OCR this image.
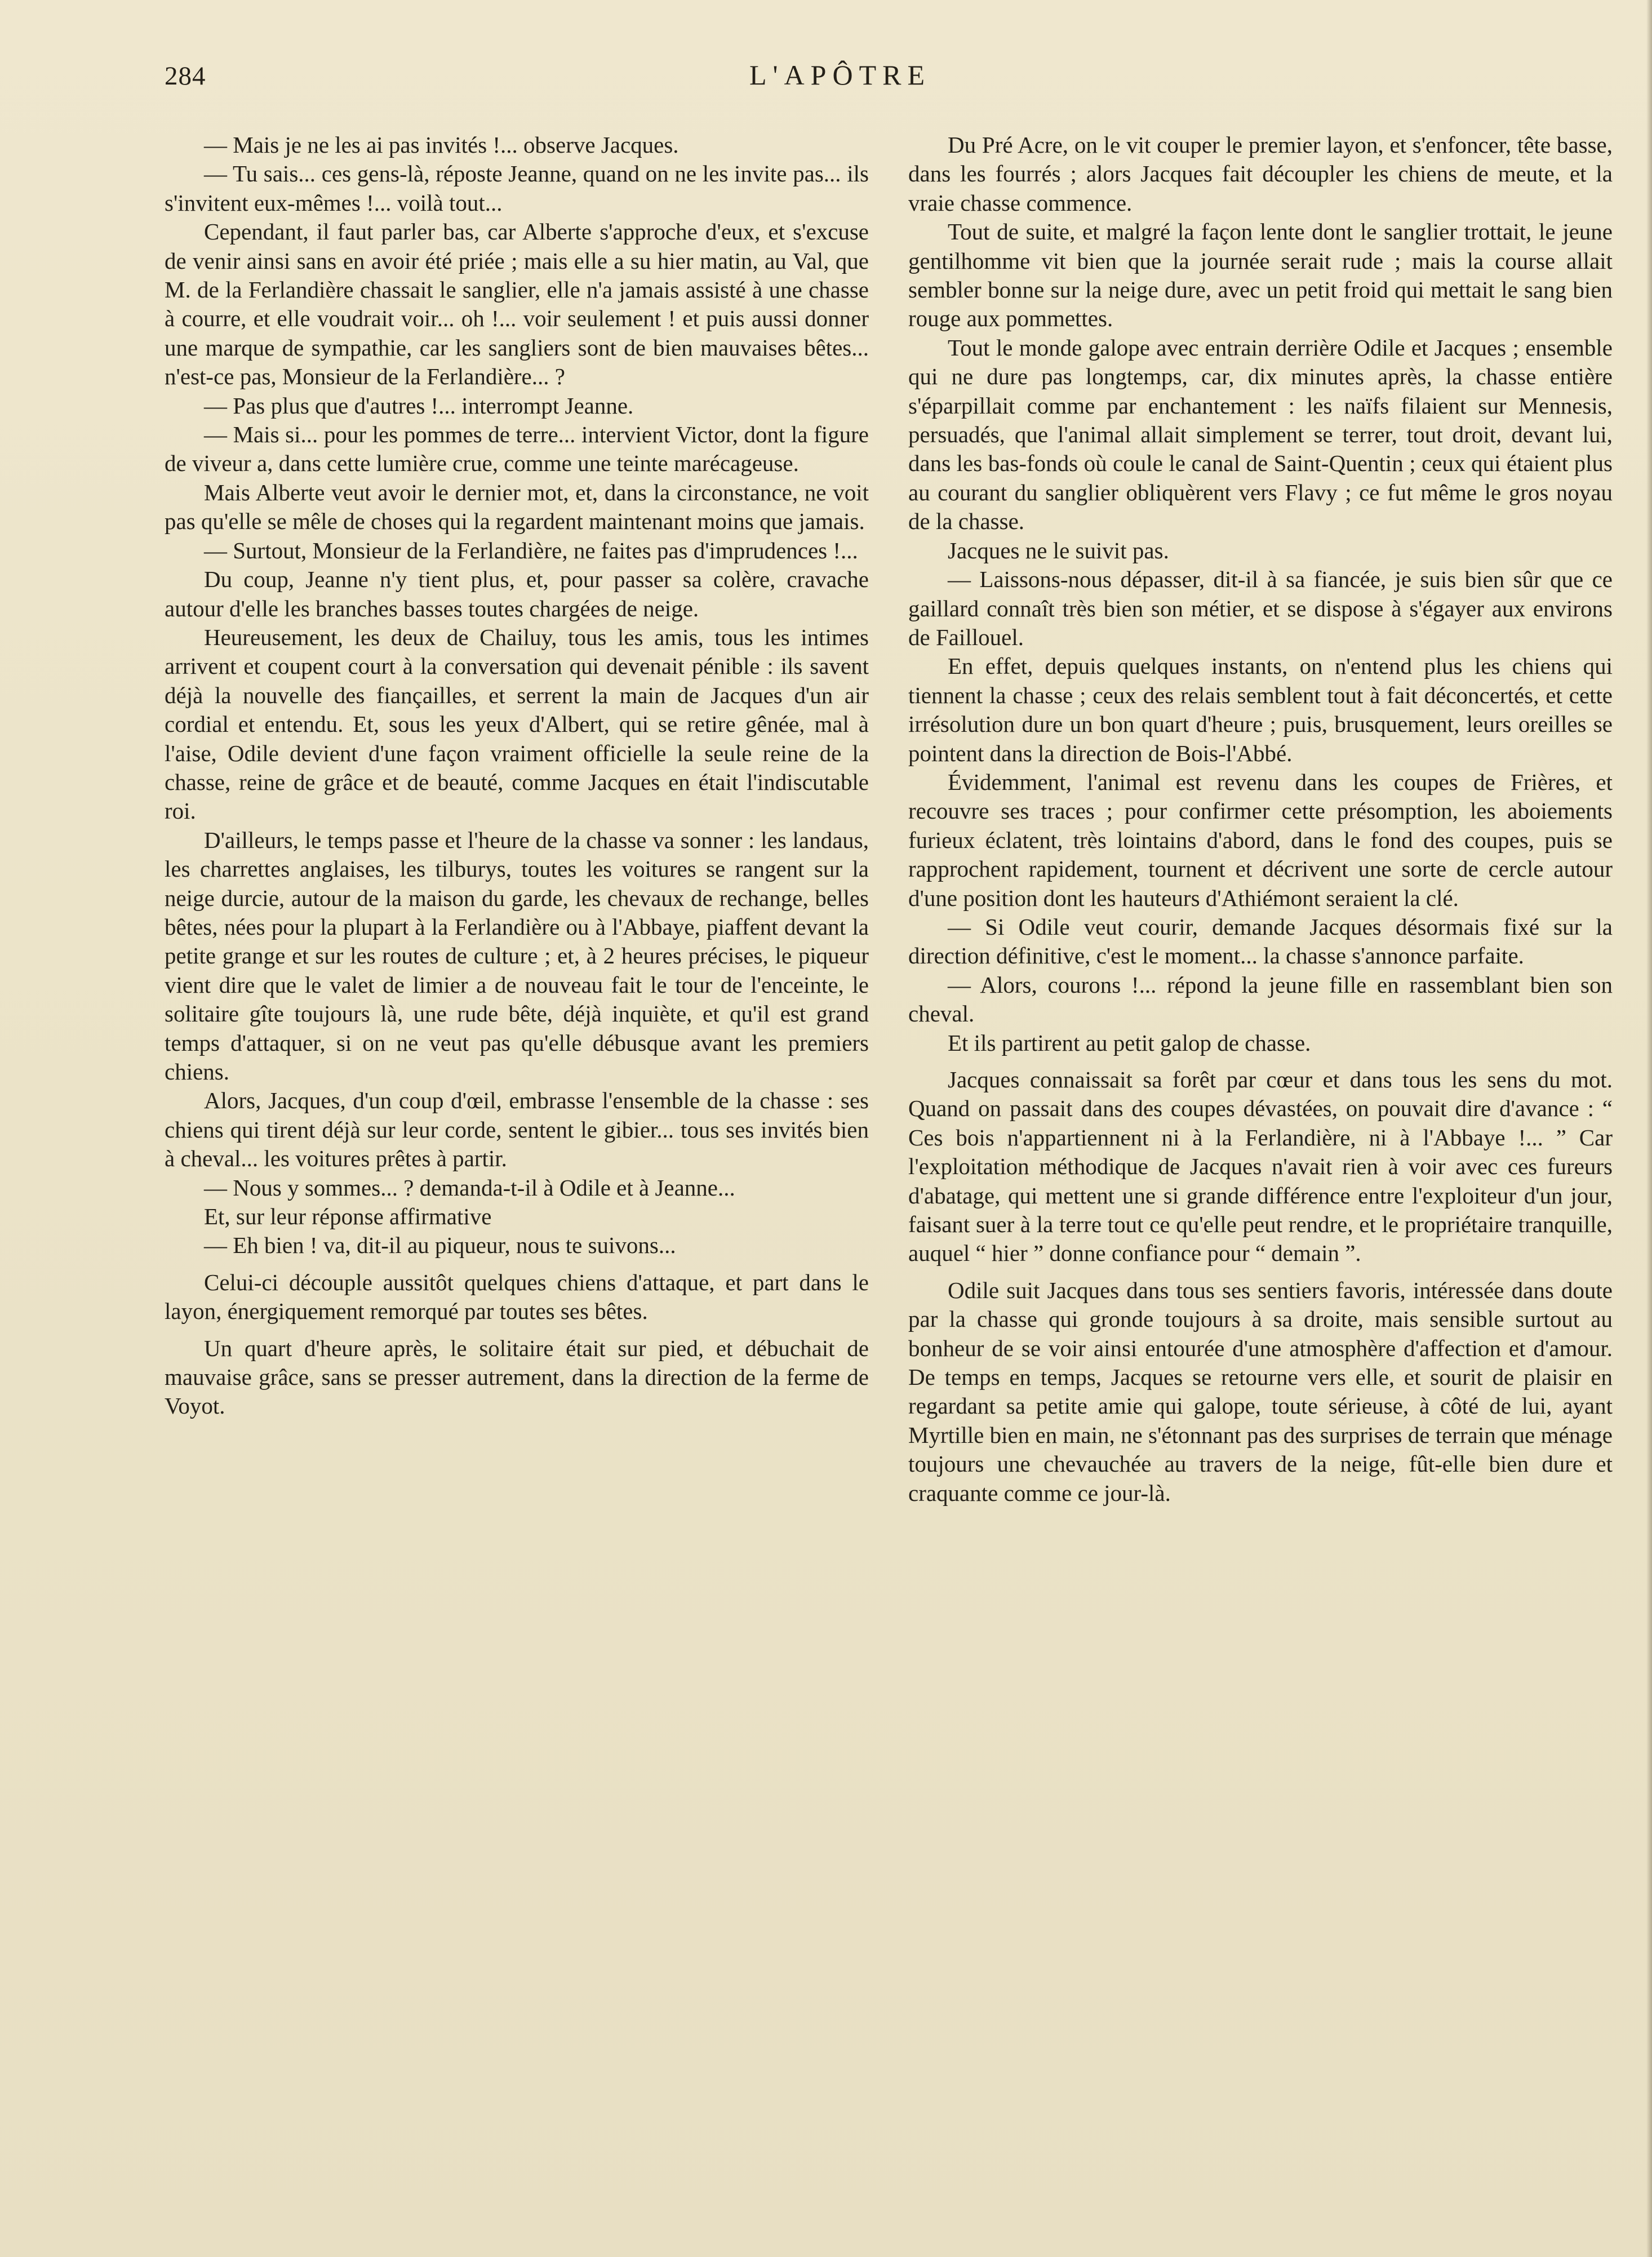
284	L'APÔTRE

— Mais je ne les ai pas invités !... observe Jacques.

— Tu sais... ces gens-là, réposte Jeanne, quand on ne les invite pas... ils s'invitent eux-mêmes !... voilà tout...

Cependant, il faut parler bas, car Alberte s'approche d'eux, et s'excuse de venir ainsi sans en avoir été priée ; mais elle a su hier matin, au Val, que M. de la Ferlandière chassait le sanglier, elle n'a jamais assisté à une chasse à courre, et elle voudrait voir... oh !... voir seulement ! et puis aussi donner une marque de sympathie, car les sangliers sont de bien mauvaises bêtes... n'est-ce pas, Monsieur de la Ferlandière... ?

— Pas plus que d'autres !... interrompt Jeanne.

— Mais si... pour les pommes de terre... intervient Victor, dont la figure de viveur a, dans cette lumière crue, comme une teinte marécageuse.

Mais Alberte veut avoir le dernier mot, et, dans la circonstance, ne voit pas qu'elle se mêle de choses qui la regardent maintenant moins que jamais.

— Surtout, Monsieur de la Ferlandière, ne faites pas d'imprudences !...

Du coup, Jeanne n'y tient plus, et, pour passer sa colère, cravache autour d'elle les branches basses toutes chargées de neige.

Heureusement, les deux de Chailuy, tous les amis, tous les intimes arrivent et coupent court à la conversation qui devenait pénible : ils savent déjà la nouvelle des fiançailles, et serrent la main de Jacques d'un air cordial et entendu. Et, sous les yeux d'Albert, qui se retire gênée, mal à l'aise, Odile devient d'une façon vraiment officielle la seule reine de la chasse, reine de grâce et de beauté, comme Jacques en était l'indiscutable roi.

D'ailleurs, le temps passe et l'heure de la chasse va sonner : les landaus, les charrettes anglaises, les tilburys, toutes les voitures se rangent sur la neige durcie, autour de la maison du garde, les chevaux de rechange, belles bêtes, nées pour la plupart à la Ferlandière ou à l'Abbaye, piaffent devant la petite grange et sur les routes de culture ; et, à 2 heures précises, le piqueur vient dire que le valet de limier a de nouveau fait le tour de l'enceinte, le solitaire gîte toujours là, une rude bête, déjà inquiète, et qu'il est grand temps d'attaquer, si on ne veut pas qu'elle débusque avant les premiers chiens.

Alors, Jacques, d'un coup d'œil, embrasse l'ensemble de la chasse : ses chiens qui tirent déjà sur leur corde, sentent le gibier... tous ses invités bien à cheval... les voitures prêtes à partir.

— Nous y sommes... ? demanda-t-il à Odile et à Jeanne...

Et, sur leur réponse affirmative

— Eh bien ! va, dit-il au piqueur, nous te suivons...

Celui-ci découple aussitôt quelques chiens d'attaque, et part dans le layon, énergiquement remorqué par toutes ses bêtes.

Un quart d'heure après, le solitaire était sur pied, et débuchait de mauvaise grâce, sans se presser autrement, dans la direction de la ferme de Voyot.

Du Pré Acre, on le vit couper le premier layon, et s'enfoncer, tête basse, dans les fourrés ; alors Jacques fait découpler les chiens de meute, et la vraie chasse commence.

Tout de suite, et malgré la façon lente dont le sanglier trottait, le jeune gentilhomme vit bien que la journée serait rude ; mais la course allait sembler bonne sur la neige dure, avec un petit froid qui mettait le sang bien rouge aux pommettes.

Tout le monde galope avec entrain derrière Odile et Jacques ; ensemble qui ne dure pas longtemps, car, dix minutes après, la chasse entière s'éparpillait comme par enchantement : les naïfs filaient sur Mennesis, persuadés, que l'animal allait simplement se terrer, tout droit, devant lui, dans les bas-fonds où coule le canal de Saint-Quentin ; ceux qui étaient plus au courant du sanglier obliquèrent vers Flavy ; ce fut même le gros noyau de la chasse.

Jacques ne le suivit pas.

— Laissons-nous dépasser, dit-il à sa fiancée, je suis bien sûr que ce gaillard connaît très bien son métier, et se dispose à s'égayer aux environs de Faillouel.

En effet, depuis quelques instants, on n'entend plus les chiens qui tiennent la chasse ; ceux des relais semblent tout à fait déconcertés, et cette irrésolution dure un bon quart d'heure ; puis, brusquement, leurs oreilles se pointent dans la direction de Bois-l'Abbé.

Évidemment, l'animal est revenu dans les coupes de Frières, et recouvre ses traces ; pour confirmer cette présomption, les aboiements furieux éclatent, très lointains d'abord, dans le fond des coupes, puis se rapprochent rapidement, tournent et décrivent une sorte de cercle autour d'une position dont les hauteurs d'Athiémont seraient la clé.

— Si Odile veut courir, demande Jacques désormais fixé sur la direction définitive, c'est le moment... la chasse s'annonce parfaite.

— Alors, courons !... répond la jeune fille en rassemblant bien son cheval.

Et ils partirent au petit galop de chasse.

Jacques connaissait sa forêt par cœur et dans tous les sens du mot. Quand on passait dans des coupes dévastées, on pouvait dire d'avance : “ Ces bois n'appartiennent ni à la Ferlandière, ni à l'Abbaye !... ” Car l'exploitation méthodique de Jacques n'avait rien à voir avec ces fureurs d'abatage, qui mettent une si grande différence entre l'exploiteur d'un jour, faisant suer à la terre tout ce qu'elle peut rendre, et le propriétaire tranquille, auquel “ hier ” donne confiance pour “ demain ”.

Odile suit Jacques dans tous ses sentiers favoris, intéressée dans doute par la chasse qui gronde toujours à sa droite, mais sensible surtout au bonheur de se voir ainsi entourée d'une atmosphère d'affection et d'amour. De temps en temps, Jacques se retourne vers elle, et sourit de plaisir en regardant sa petite amie qui galope, toute sérieuse, à côté de lui, ayant Myrtille bien en main, ne s'étonnant pas des surprises de terrain que ménage toujours une chevauchée au travers de la neige, fût-elle bien dure et craquante comme ce jour-là.
